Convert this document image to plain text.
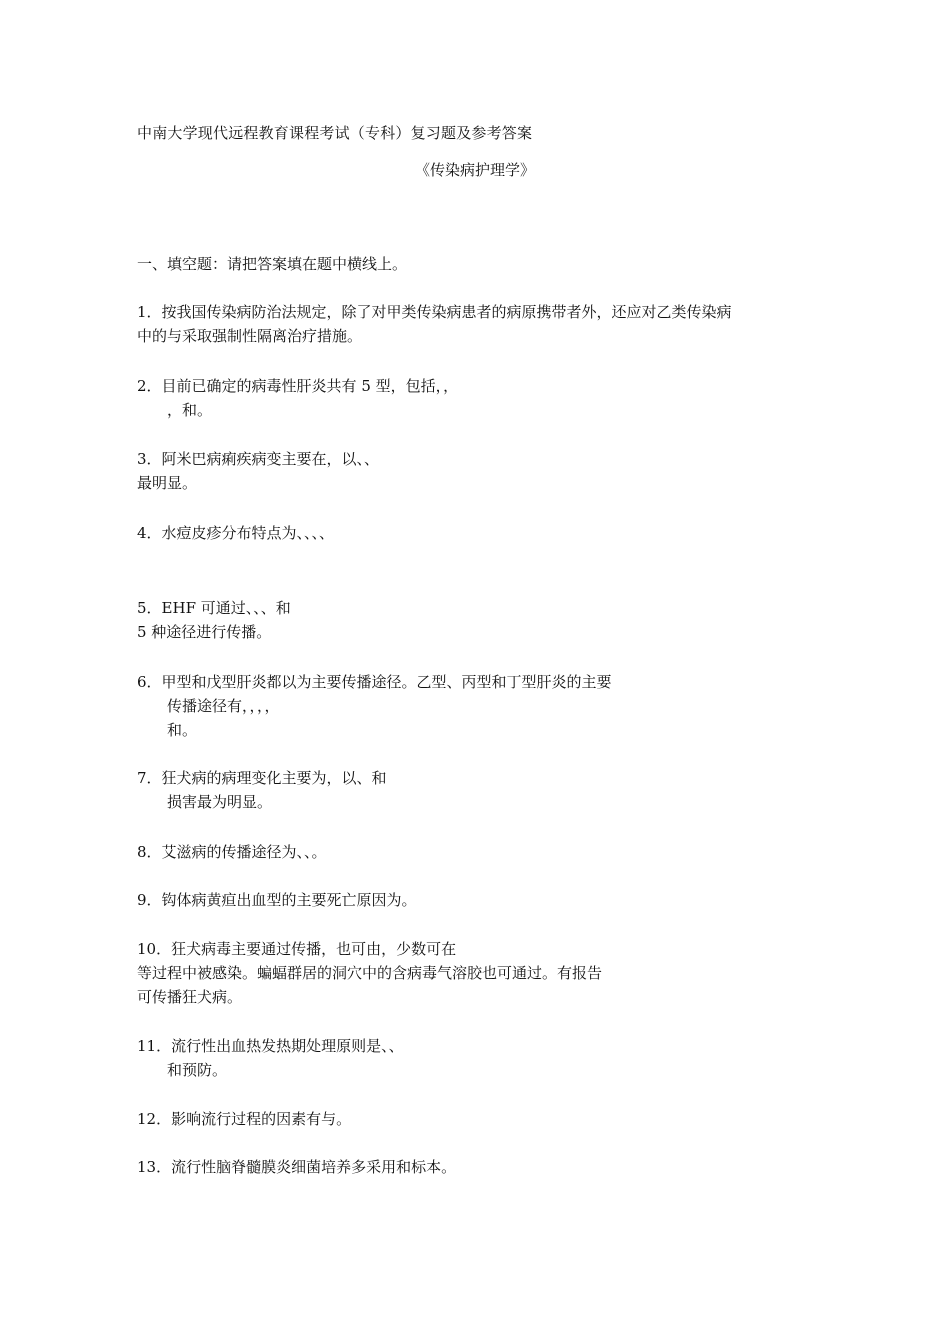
中南大学现代远程教育课程考试（专科）复习题及参考答案
《传染病护理学》
一、填空题：请把答案填在题中横线上。
1．按我国传染病防治法规定，除了对甲类传染病患者的病原携带者外，还应对乙类传染病
中的与采取强制性隔离治疗措施。
2．目前已确定的病毒性肝炎共有 5 型，包括，，
，和。
3．阿米巴病痢疾病变主要在，以、、
最明显。
4．水痘皮疹分布特点为、、、、
5．EHF 可通过、、、和
5 种途径进行传播。
6．甲型和戊型肝炎都以为主要传播途径。乙型、丙型和丁型肝炎的主要
传播途径有，，，，
和。
7．狂犬病的病理变化主要为，以、和
损害最为明显。
8．艾滋病的传播途径为、、。
9．钩体病黄疸出血型的主要死亡原因为。
10．狂犬病毒主要通过传播，也可由，少数可在
等过程中被感染。蝙蝠群居的洞穴中的含病毒气溶胶也可通过。有报告
可传播狂犬病。
11．流行性出血热发热期处理原则是、、
和预防。
12．影响流行过程的因素有与。
13．流行性脑脊髓膜炎细菌培养多采用和标本。
